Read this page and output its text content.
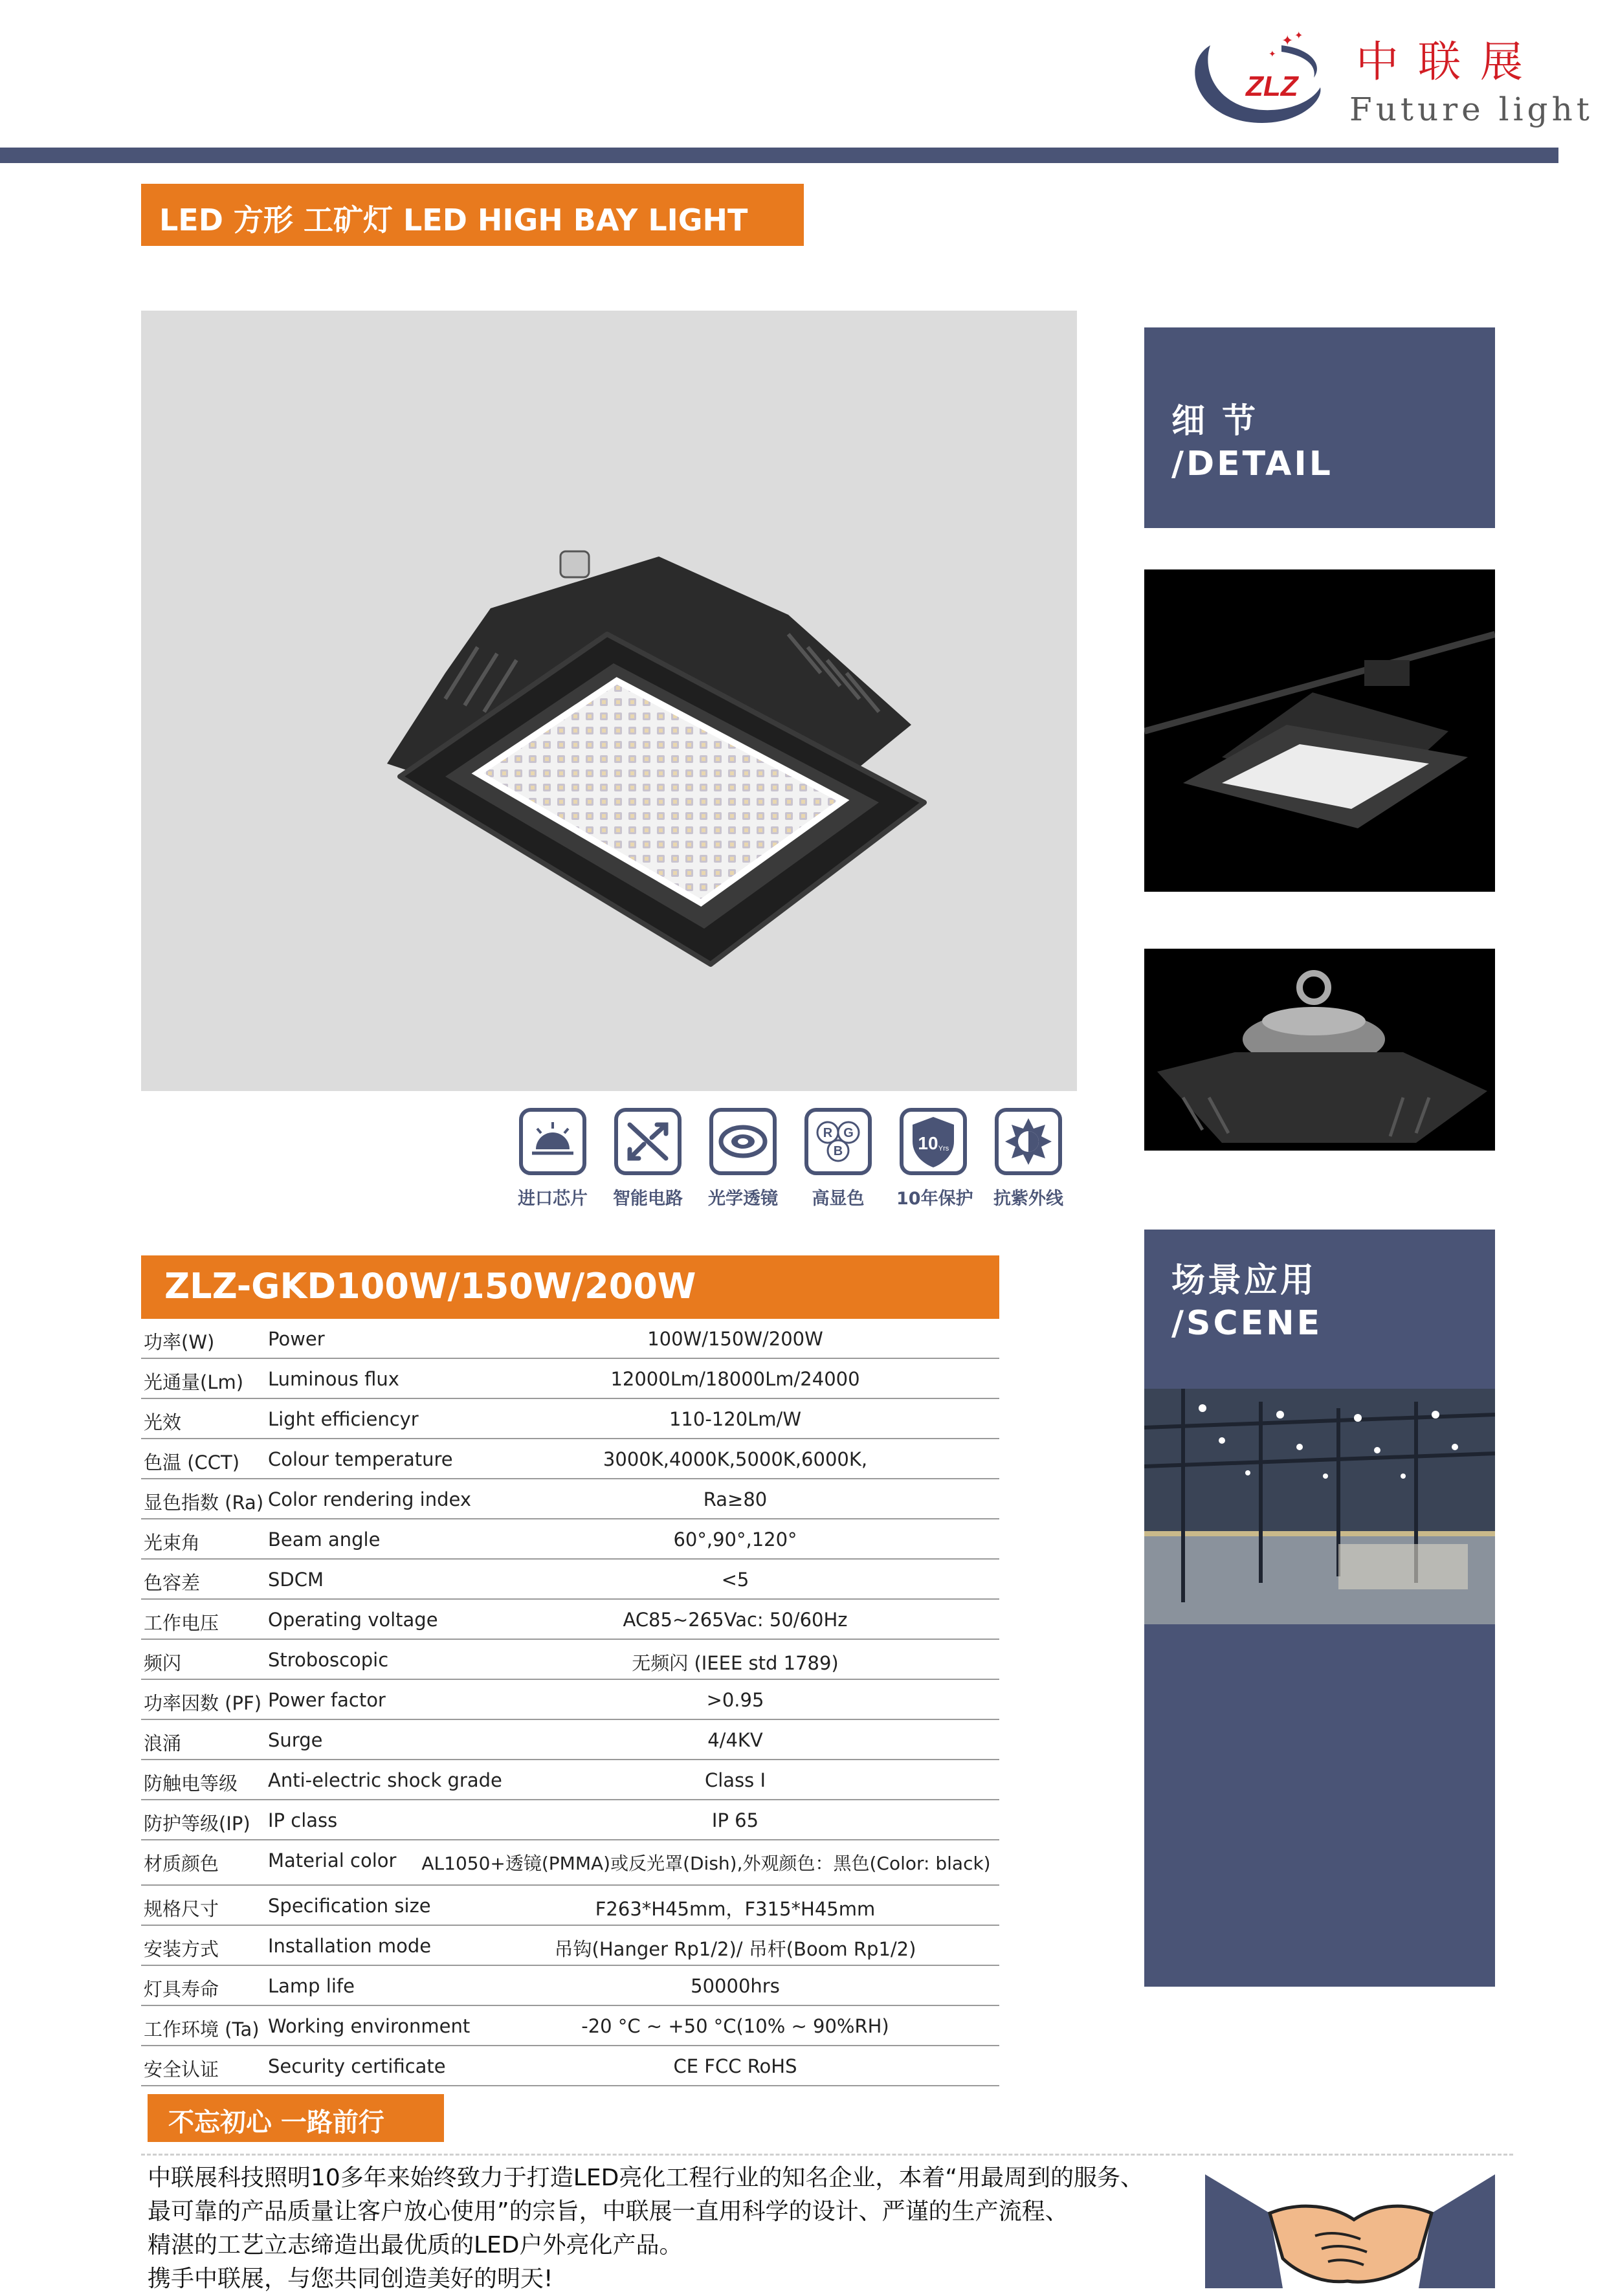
ZLZ
✦ ✦
✦ 中联展
Future light
LED 方形 工矿灯 LED HIGH BAY LIGHT
细 节
/DETAIL
场景应用
/SCENE
进口芯片 智能电路 光学透镜
R G
B
高显色
10 Yrs
10年保护 抗紫外线
ZLZ-GKD100W/150W/200W
功率(W)	Power	100W/150W/200W
光通量(Lm) Luminous flux	12000Lm/18000Lm/24000
光效	Light efficiencyr	110-120Lm/W
色温 (CCT) Colour temperature	3000K,4000K,5000K,6000K,
显色指数 (Ra) Color rendering index	Ra≥80
光束角	Beam angle	60°,90°,120°
色容差	SDCM	<5
工作电压	Operating voltage	AC85~265Vac: 50/60Hz
频闪	Stroboscopic	无频闪 (IEEE std 1789)
功率因数 (PF) Power factor	>0.95
浪涌	Surge	4/4KV
防触电等级 Anti-electric shock grade	Class I
防护等级(IP) IP class	IP 65
材质颜色	Material color	AL1050+透镜(PMMA)或反光罩(Dish),外观颜色：黑色(Color: black)
规格尺寸	Specification size	F263*H45mm，F315*H45mm
安装方式	Installation mode	吊钩(Hanger Rp1/2)/ 吊杆(Boom Rp1/2)
灯具寿命	Lamp life	50000hrs
工作环境 (Ta) Working environment	-20 °C ~ +50 °C(10% ~ 90%RH)
安全认证	Security certificate	CE FCC RoHS
不忘初心 一路前行
中联展科技照明10多年来始终致力于打造LED亮化工程行业的知名企业，本着“用最周到的服务、
最可靠的产品质量让客户放心使用”的宗旨，中联展一直用科学的设计、严谨的生产流程、
精湛的工艺立志缔造出最优质的LED户外亮化产品。
携手中联展，与您共同创造美好的明天!
